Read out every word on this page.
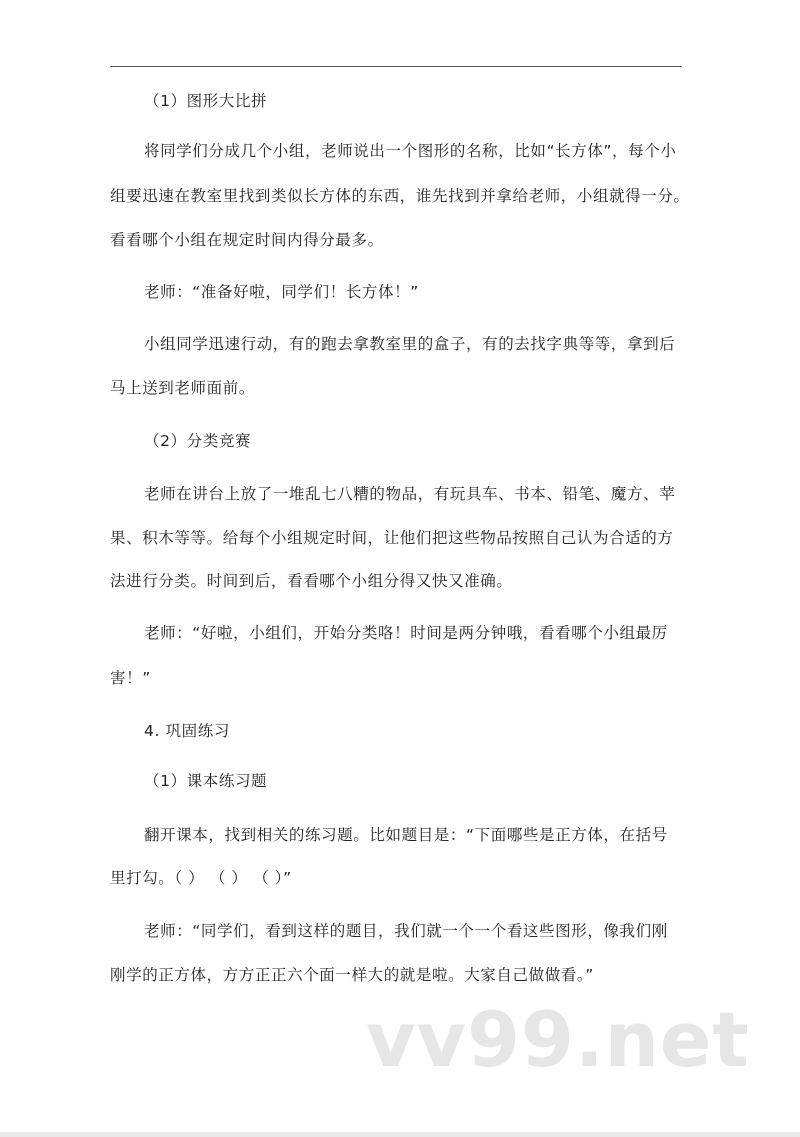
（1）图形大比拼
将同学们分成几个小组，老师说出一个图形的名称，比如“长方体”，每个小
组要迅速在教室里找到类似长方体的东西，谁先找到并拿给老师，小组就得一分。
看看哪个小组在规定时间内得分最多。
老师：“准备好啦，同学们！长方体！”
小组同学迅速行动，有的跑去拿教室里的盒子，有的去找字典等等，拿到后
马上送到老师面前。
（2）分类竞赛
老师在讲台上放了一堆乱七八糟的物品，有玩具车、书本、铅笔、魔方、苹
果、积木等等。给每个小组规定时间，让他们把这些物品按照自己认为合适的方
法进行分类。时间到后，看看哪个小组分得又快又准确。
老师：“好啦，小组们，开始分类咯！时间是两分钟哦，看看哪个小组最厉
害！”
4. 巩固练习
（1）课本练习题
翻开课本，找到相关的练习题。比如题目是：“下面哪些是正方体，在括号
里打勾。（ ） （ ） （ ）”
老师：“同学们，看到这样的题目，我们就一个一个看这些图形，像我们刚
刚学的正方体，方方正正六个面一样大的就是啦。大家自己做做看。”
vv99.net
